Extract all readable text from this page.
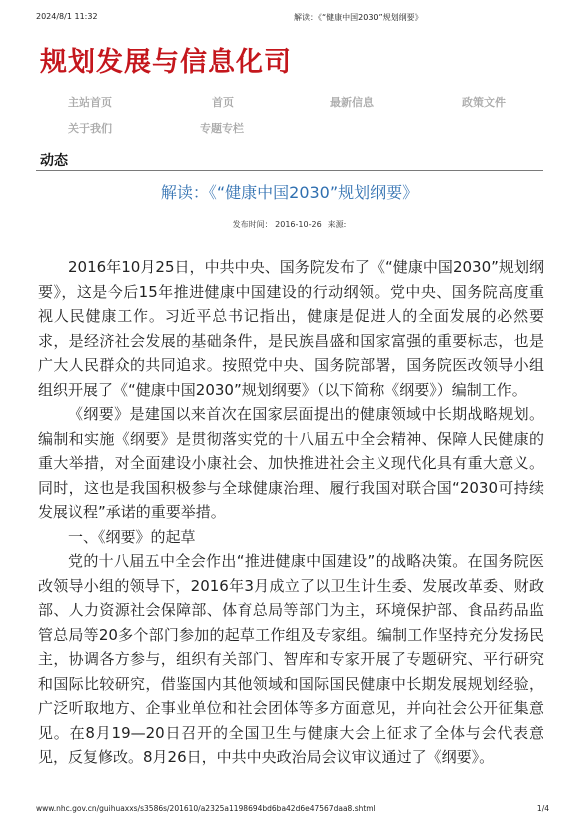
2024/8/1 11:32	解读：《“健康中国2030”规划纲要》
规划发展与信息化司
主站首页	首页	最新信息	政策文件
关于我们	专题专栏
动态
解读：《“健康中国2030”规划纲要》
发布时间： 2016-10-26 来源:

2016年10月25日，中共中央、国务院发布了《“健康中国2030”规划纲要》，这是今后15年推进健康中国建设的行动纲领。党中央、国务院高度重视人民健康工作。习近平总书记指出，健康是促进人的全面发展的必然要求，是经济社会发展的基础条件，是民族昌盛和国家富强的重要标志，也是广大人民群众的共同追求。按照党中央、国务院部署，国务院医改领导小组组织开展了《“健康中国2030”规划纲要》（以下简称《纲要》）编制工作。

《纲要》是建国以来首次在国家层面提出的健康领域中长期战略规划。编制和实施《纲要》是贯彻落实党的十八届五中全会精神、保障人民健康的重大举措，对全面建设小康社会、加快推进社会主义现代化具有重大意义。同时，这也是我国积极参与全球健康治理、履行我国对联合国“2030可持续发展议程”承诺的重要举措。

一、《纲要》的起草

党的十八届五中全会作出“推进健康中国建设”的战略决策。在国务院医改领导小组的领导下，2016年3月成立了以卫生计生委、发展改革委、财政部、人力资源社会保障部、体育总局等部门为主，环境保护部、食品药品监管总局等20多个部门参加的起草工作组及专家组。编制工作坚持充分发扬民主，协调各方参与，组织有关部门、智库和专家开展了专题研究、平行研究和国际比较研究，借鉴国内其他领域和国际国民健康中长期发展规划经验，广泛听取地方、企事业单位和社会团体等多方面意见，并向社会公开征集意见。在8月19—20日召开的全国卫生与健康大会上征求了全体与会代表意见，反复修改。8月26日，中共中央政治局会议审议通过了《纲要》。

www.nhc.gov.cn/guihuaxxs/s3586s/201610/a2325a1198694bd6ba42d6e47567daa8.shtml	1/4
